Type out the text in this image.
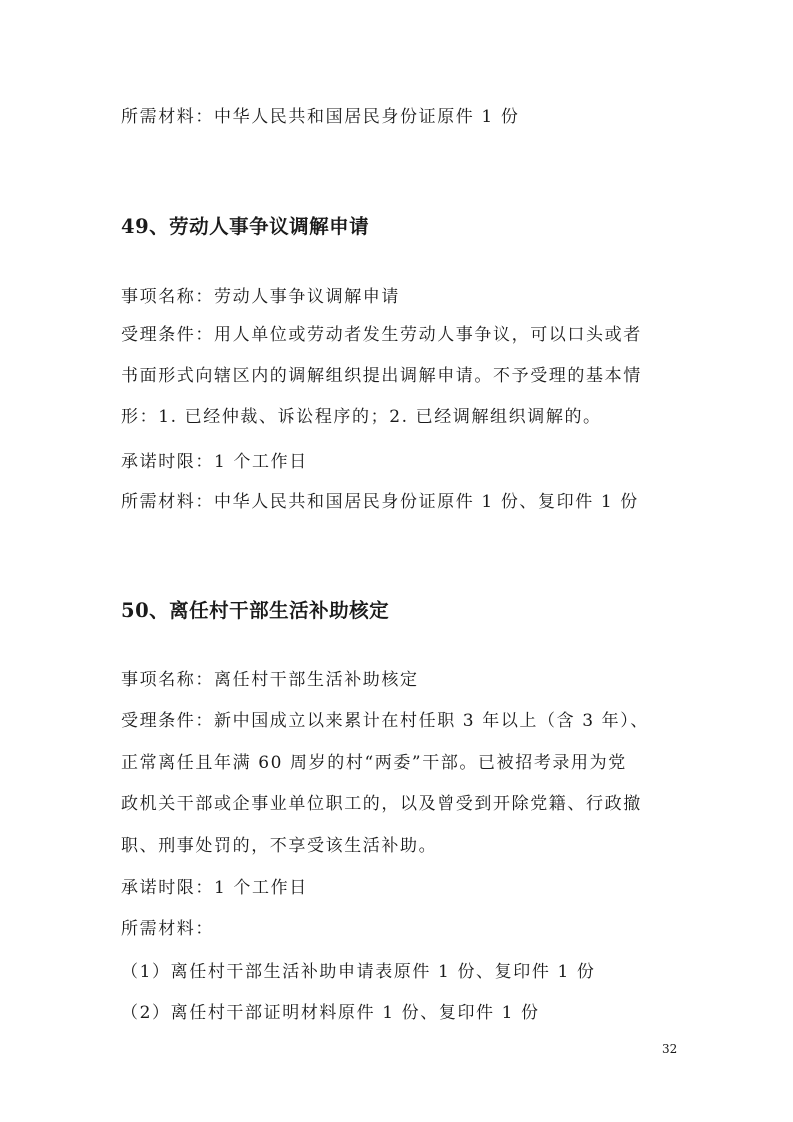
所需材料：中华人民共和国居民身份证原件 1 份
49、劳动人事争议调解申请
事项名称：劳动人事争议调解申请
受理条件：用人单位或劳动者发生劳动人事争议，可以口头或者
书面形式向辖区内的调解组织提出调解申请。不予受理的基本情
形：1. 已经仲裁、诉讼程序的；2. 已经调解组织调解的。
承诺时限：1 个工作日
所需材料：中华人民共和国居民身份证原件 1 份、复印件 1 份
50、离任村干部生活补助核定
事项名称：离任村干部生活补助核定
受理条件：新中国成立以来累计在村任职 3 年以上（含 3 年）、
正常离任且年满 60 周岁的村“两委”干部。已被招考录用为党
政机关干部或企事业单位职工的，以及曾受到开除党籍、行政撤
职、刑事处罚的，不享受该生活补助。
承诺时限：1 个工作日
所需材料：
（1）离任村干部生活补助申请表原件 1 份、复印件 1 份
（2）离任村干部证明材料原件 1 份、复印件 1 份
32
